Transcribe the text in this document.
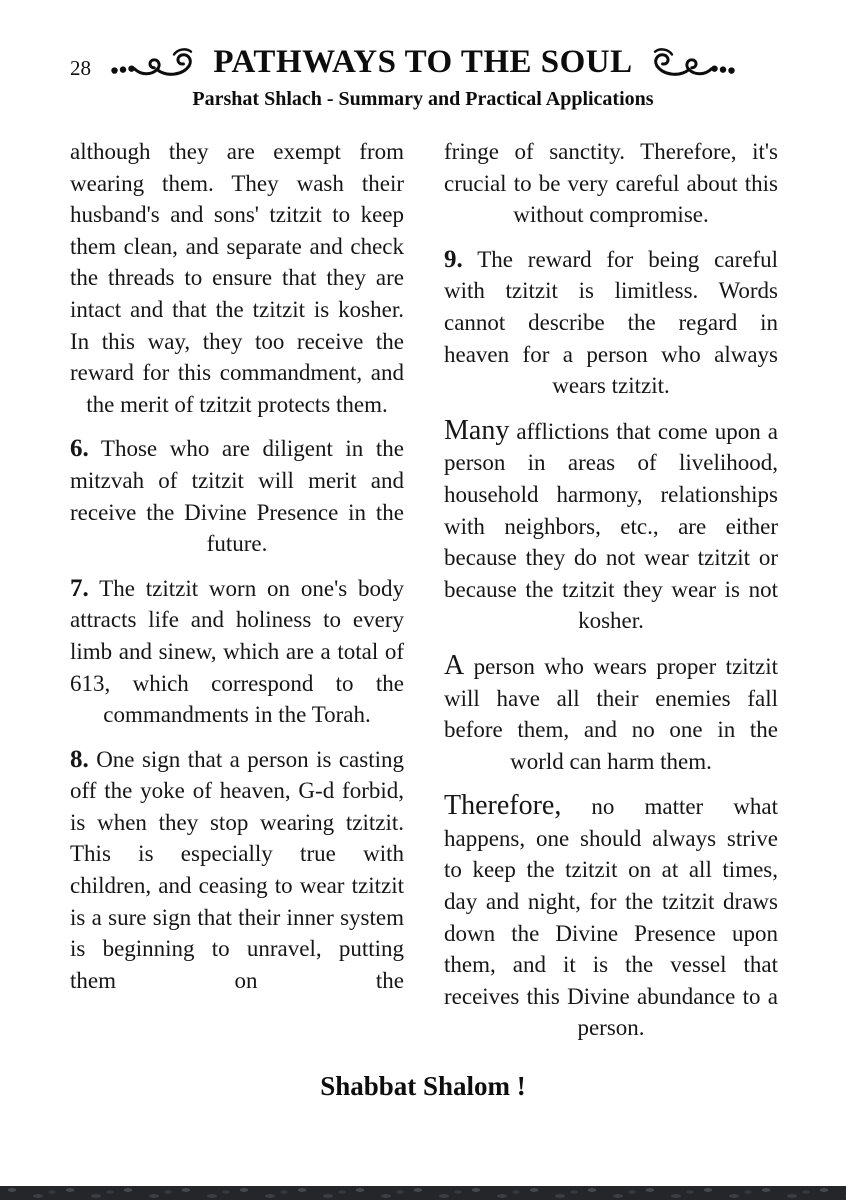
28	PATHWAYS TO THE SOUL
Parshat Shlach - Summary and Practical Applications

although they are exempt from wearing them. They wash their husband's and sons' tzitzit to keep them clean, and separate and check the threads to ensure that they are intact and that the tzitzit is kosher. In this way, they too receive the reward for this commandment, and the merit of tzitzit protects them.

6. Those who are diligent in the mitzvah of tzitzit will merit and receive the Divine Presence in the future.

7. The tzitzit worn on one's body attracts life and holiness to every limb and sinew, which are a total of 613, which correspond to the commandments in the Torah.

8. One sign that a person is casting off the yoke of heaven, G-d forbid, is when they stop wearing tzitzit. This is especially true with children, and ceasing to wear tzitzit is a sure sign that their inner system is beginning to unravel, putting them on the

fringe of sanctity. Therefore, it's crucial to be very careful about this without compromise.

9. The reward for being careful with tzitzit is limitless. Words cannot describe the regard in heaven for a person who always wears tzitzit.

Many afflictions that come upon a person in areas of livelihood, household harmony, relationships with neighbors, etc., are either because they do not wear tzitzit or because the tzitzit they wear is not kosher.

A person who wears proper tzitzit will have all their enemies fall before them, and no one in the world can harm them.

Therefore, no matter what happens, one should always strive to keep the tzitzit on at all times, day and night, for the tzitzit draws down the Divine Presence upon them, and it is the vessel that receives this Divine abundance to a person.

Shabbat Shalom !
